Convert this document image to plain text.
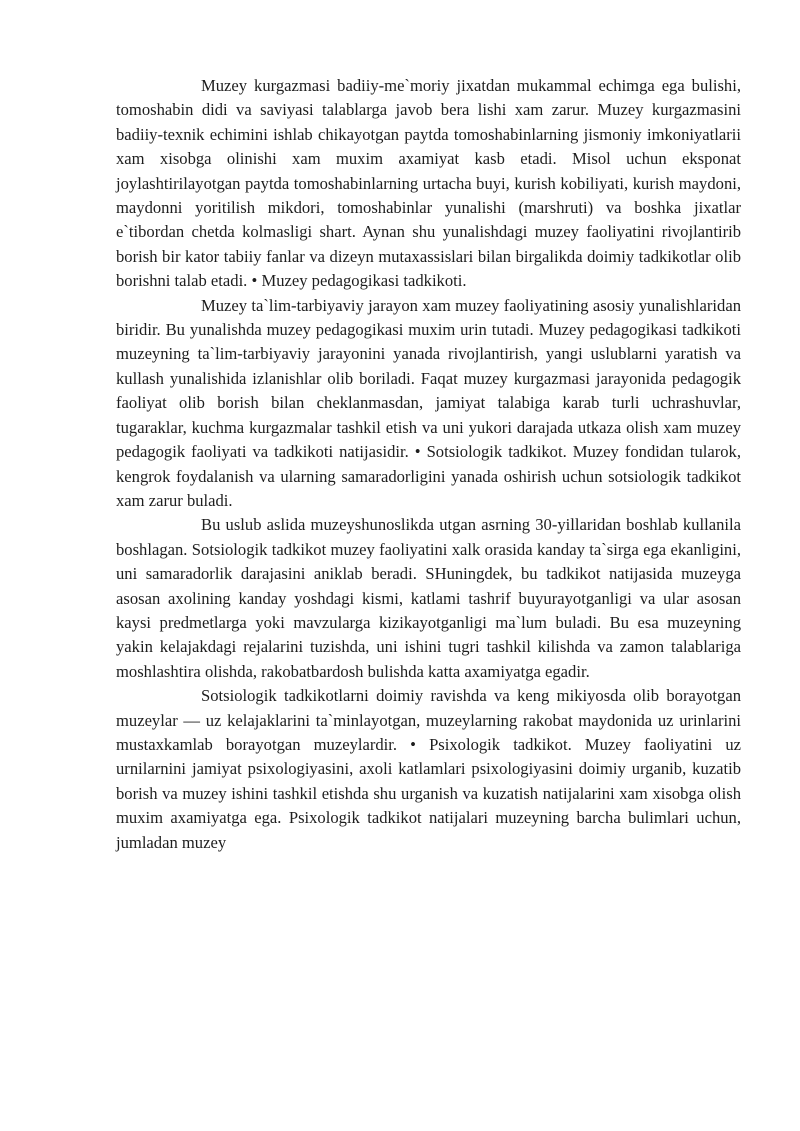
Muzey kurgazmasi badiiy-me`moriy jixatdan mukammal echimga ega bulishi, tomoshabin didi va saviyasi talablarga javob bera lishi xam zarur. Muzey kurgazmasini badiiy-texnik echimini ishlab chikayotgan paytda tomoshabinlarning jismoniy imkoniyatlarii xam xisobga olinishi xam muxim axamiyat kasb etadi. Misol uchun eksponat joylashtirilayotgan paytda tomoshabinlarning urtacha buyi, kurish kobiliyati, kurish maydoni, maydonni yoritilish mikdori, tomoshabinlar yunalishi (marshruti) va boshka jixatlar e`tibordan chetda kolmasligi shart. Aynan shu yunalishdagi muzey faoliyatini rivojlantirib borish bir kator tabiiy fanlar va dizeyn mutaxassislari bilan birgalikda doimiy tadkikotlar olib borishni talab etadi. • Muzey pedagogikasi tadkikoti.

Muzey ta`lim-tarbiyaviy jarayon xam muzey faoliyatining asosiy yunalishlaridan biridir. Bu yunalishda muzey pedagogikasi muxim urin tutadi. Muzey pedagogikasi tadkikoti muzeyning ta`lim-tarbiyaviy jarayonini yanada rivojlantirish, yangi uslublarni yaratish va kullash yunalishida izlanishlar olib boriladi. Faqat muzey kurgazmasi jarayonida pedagogik faoliyat olib borish bilan cheklanmasdan, jamiyat talabiga karab turli uchrashuvlar, tugaraklar, kuchma kurgazmalar tashkil etish va uni yukori darajada utkaza olish xam muzey pedagogik faoliyati va tadkikoti natijasidir. • Sotsiologik tadkikot. Muzey fondidan tularok, kengrok foydalanish va ularning samaradorligini yanada oshirish uchun sotsiologik tadkikot xam zarur buladi.

Bu uslub aslida muzeyshunoslikda utgan asrning 30-yillaridan boshlab kullanila boshlagan. Sotsiologik tadkikot muzey faoliyatini xalk orasida kanday ta`sirga ega ekanligini, uni samaradorlik darajasini aniklab beradi. SHuningdek, bu tadkikot natijasida muzeyga asosan axolining kanday yoshdagi kismi, katlami tashrif buyurayotganligi va ular asosan kaysi predmetlarga yoki mavzularga kizikayotganligi ma`lum buladi. Bu esa muzeyning yakin kelajakdagi rejalarini tuzishda, uni ishini tugri tashkil kilishda va zamon talablariga moshlashtira olishda, rakobatbardosh bulishda katta axamiyatga egadir.

Sotsiologik tadkikotlarni doimiy ravishda va keng mikiyosda olib borayotgan muzeylar — uz kelajaklarini ta`minlayotgan, muzeylarning rakobat maydonida uz urinlarini mustaxkamlab borayotgan muzeylardir. • Psixologik tadkikot. Muzey faoliyatini uz urnilarnini jamiyat psixologiyasini, axoli katlamlari psixologiyasini doimiy urganib, kuzatib borish va muzey ishini tashkil etishda shu urganish va kuzatish natijalarini xam xisobga olish muxim axamiyatga ega. Psixologik tadkikot natijalari muzeyning barcha bulimlari uchun, jumladan muzey
